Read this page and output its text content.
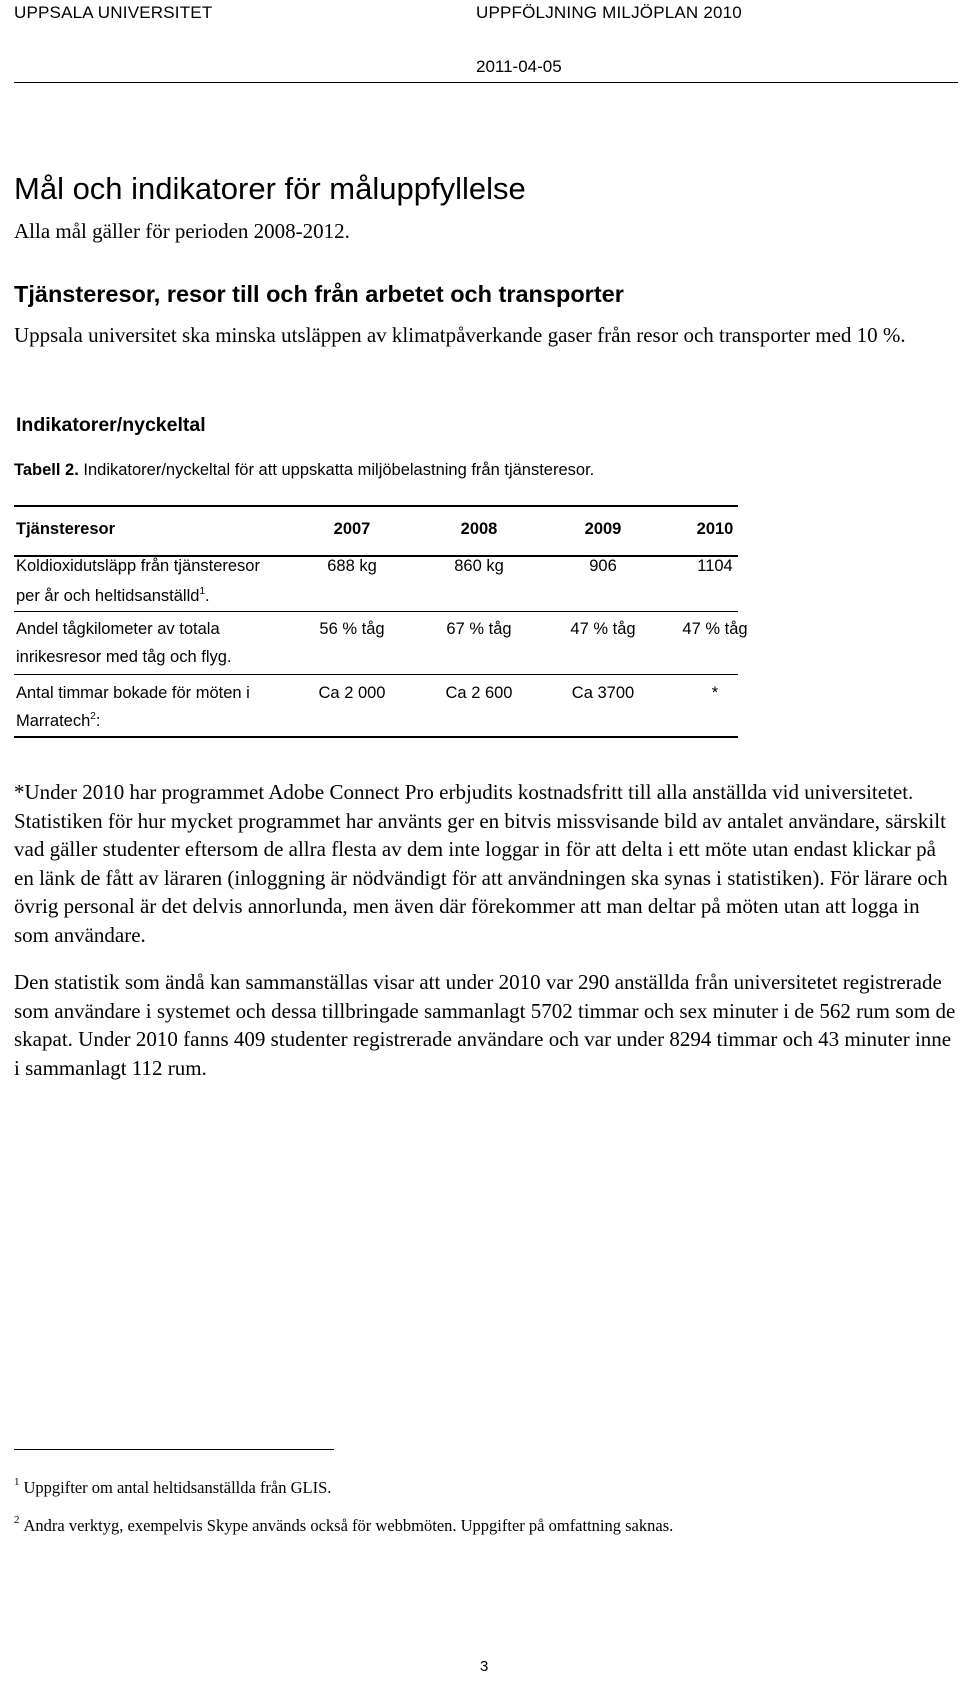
UPPSALA UNIVERSITET	UPPFÖLJNING MILJÖPLAN 2010
2011-04-05
Mål och indikatorer för måluppfyllelse
Alla mål gäller för perioden 2008-2012.
Tjänsteresor, resor till och från arbetet och transporter
Uppsala universitet ska minska utsläppen av klimatpåverkande gaser från resor och transporter med 10 %.
Indikatorer/nyckeltal
Tabell 2. Indikatorer/nyckeltal för att uppskatta miljöbelastning från tjänsteresor.
Tjänsteresor	2007	2008	2009	2010
Koldioxidutsläpp från tjänsteresor
per år och heltidsanställd$^1$.
688 kg	860 kg	906	1104
Andel tågkilometer av totala
inrikesresor med tåg och flyg.
56 % tåg	67 % tåg	47 % tåg	47 % tåg
Antal timmar bokade för möten i
Marratech$^2$:
Ca 2 000	Ca 2 600	Ca 3700	*
*Under 2010 har programmet Adobe Connect Pro erbjudits kostnadsfritt till alla anställda vid universitetet. Statistiken för hur mycket programmet har använts ger en bitvis missvisande bild av antalet användare, särskilt vad gäller studenter eftersom de allra flesta av dem inte loggar in för att delta i ett möte utan endast klickar på en länk de fått av läraren (inloggning är nödvändigt för att användningen ska synas i statistiken). För lärare och övrig personal är det delvis annorlunda, men även där förekommer att man deltar på möten utan att logga in som användare.
Den statistik som ändå kan sammanställas visar att under 2010 var 290 anställda från universitetet registrerade som användare i systemet och dessa tillbringade sammanlagt 5702 timmar och sex minuter i de 562 rum som de skapat. Under 2010 fanns 409 studenter registrerade användare och var under 8294 timmar och 43 minuter inne i sammanlagt 112 rum.
$^1$ Uppgifter om antal heltidsanställda från GLIS.
$^2$ Andra verktyg, exempelvis Skype används också för webbmöten. Uppgifter på omfattning saknas.
3
